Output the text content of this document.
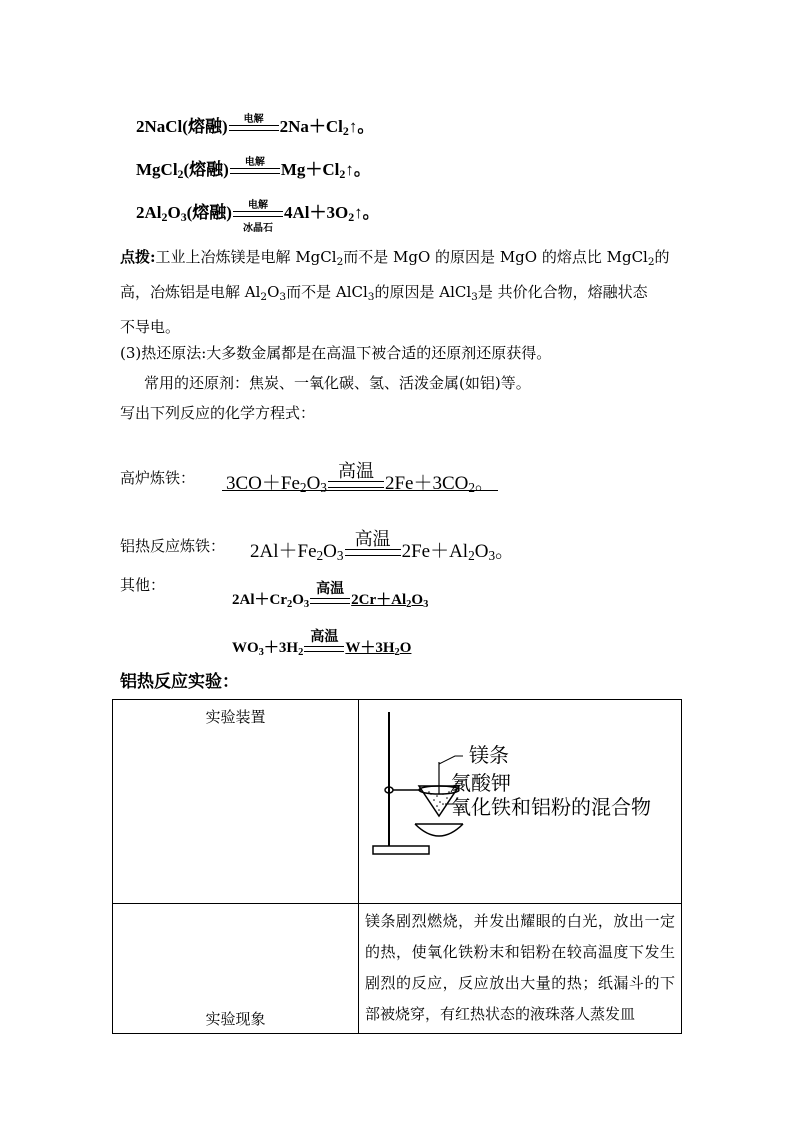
2NaCl(熔融)	电解 $2Na+Cl_2↑$。
MgCl$_2$(熔融)	电解 $Mg+Cl_2↑$。
$2Al_2O_3$(熔融)	电解
冰晶石
$4Al+3O_2↑$。
点拨:工业上冶炼镁是电解 MgCl$_2$而不是 MgO 的原因是 MgO 的熔点比 MgCl$_2$的
高，冶炼铝是电解 $Al_2O_3$而不是 AlCl$_3$的原因是 AlCl$_3$是 共价化合物，熔融状态
不导电。
(3)热还原法:大多数金属都是在高温下被合适的还原剂还原获得。
常用的还原剂：焦炭、一氧化碳、氢、活泼金属(如铝)等。
写出下列反应的化学方程式：
高炉炼铁： $3CO+Fe_2O_3$
高温
$2Fe+3CO_2$。
铝热反应炼铁： $2Al+Fe_2O_3$
高温
$2Fe+Al_2O_3$。
其他：
$2Al+Cr_2O_3$
高温
$2Cr+Al_2O_3$
$WO_3+3H_2$
高温
$W+3H_2O$
铝热反应实验：
实验装置	镁条
氯酸钾
氧化铁和铝粉的混合物

实验现象	镁条剧烈燃烧，并发出耀眼的白光，放出一定的热，使氧化铁粉末和铝粉在较高温度下发生剧烈的反应，反应放出大量的热；纸漏斗的下部被烧穿，有红热状态的液珠落人蒸发皿
